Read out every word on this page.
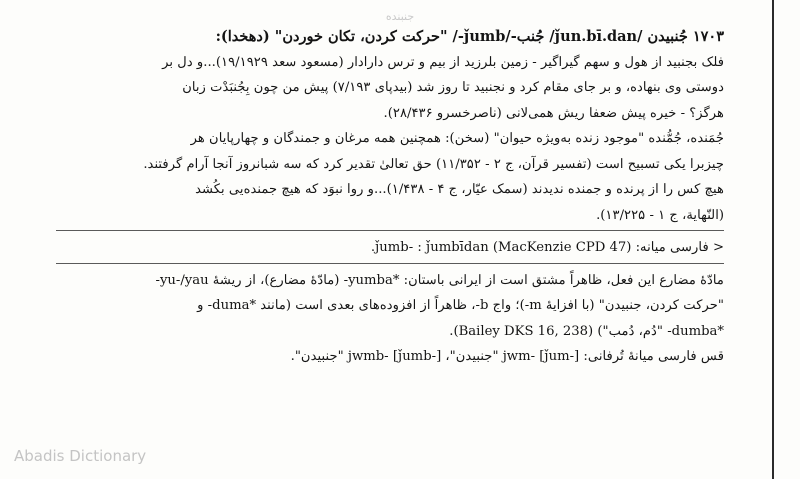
جنبنده
۱۷۰۳ جُنبیدن /ǰun.bī.dan/ جُنب-/ǰumb-/ "حرکت کردن، تکان خوردن" (دهخدا):
فلک بجنبید از هول و سهم گیراگیر - زمین بلرزید از بیم و ترس دارادار (مسعود سعد ۱۹/۱۹۲۹)...و دل بر
دوستی وی بنهاده، و بر جای مقام کرد و نجنبید تا روز شد (بیدپای ۷/۱۹۳) پیش من چون بِجُنبَدْت زبان
هرگز؟ - خیره پیش ضعفا ریش همی‌لانی (ناصرخسرو ۲۸/۴۳۶).
جُمَنده، جُمُّنده "موجود زنده به‌ویژه حیوان" (سخن): همچنین همه مرغان و جمندگان و چهارپایان هر
چیزبرا یکی تسبیح است (تفسیر قرآن، ج ۲ - ۱۱/۳۵۲) حق تعالیٰ تقدیر کرد که سه شبانروز آنجا آرام گرفتند.
هیچ کس را از پرنده و جمنده ندیدند (سمک عیّار، ج ۴ - ۱/۴۳۸)...و روا نبوَد که هیچ جمنده‌یی بکُشد
(النّهایة، ج ۱ - ۱۳/۲۲۵).
< فارسی میانه: ǰumb- : ǰumbīdan (MacKenzie CPD 47).
مادّهٔ مضارع این فعل، ظاهراً مشتق است از ایرانی باستان: *yumba- (مادّهٔ مضارع)، از ریشهٔ yu-/yau-
"حرکت کردن، جنبیدن" (با افزایهٔ m-)؛ واج b-، ظاهراً از افزوده‌های بعدی است (مانند *duma- و
*dumba- "دُم، دُمب") (Bailey DKS 16, 238).
قس فارسی میانهٔ تُرفانی: jwm- [ǰum-] "جنبیدن"، jwmb- [ǰumb-] "جنبیدن".
Abadis Dictionary
